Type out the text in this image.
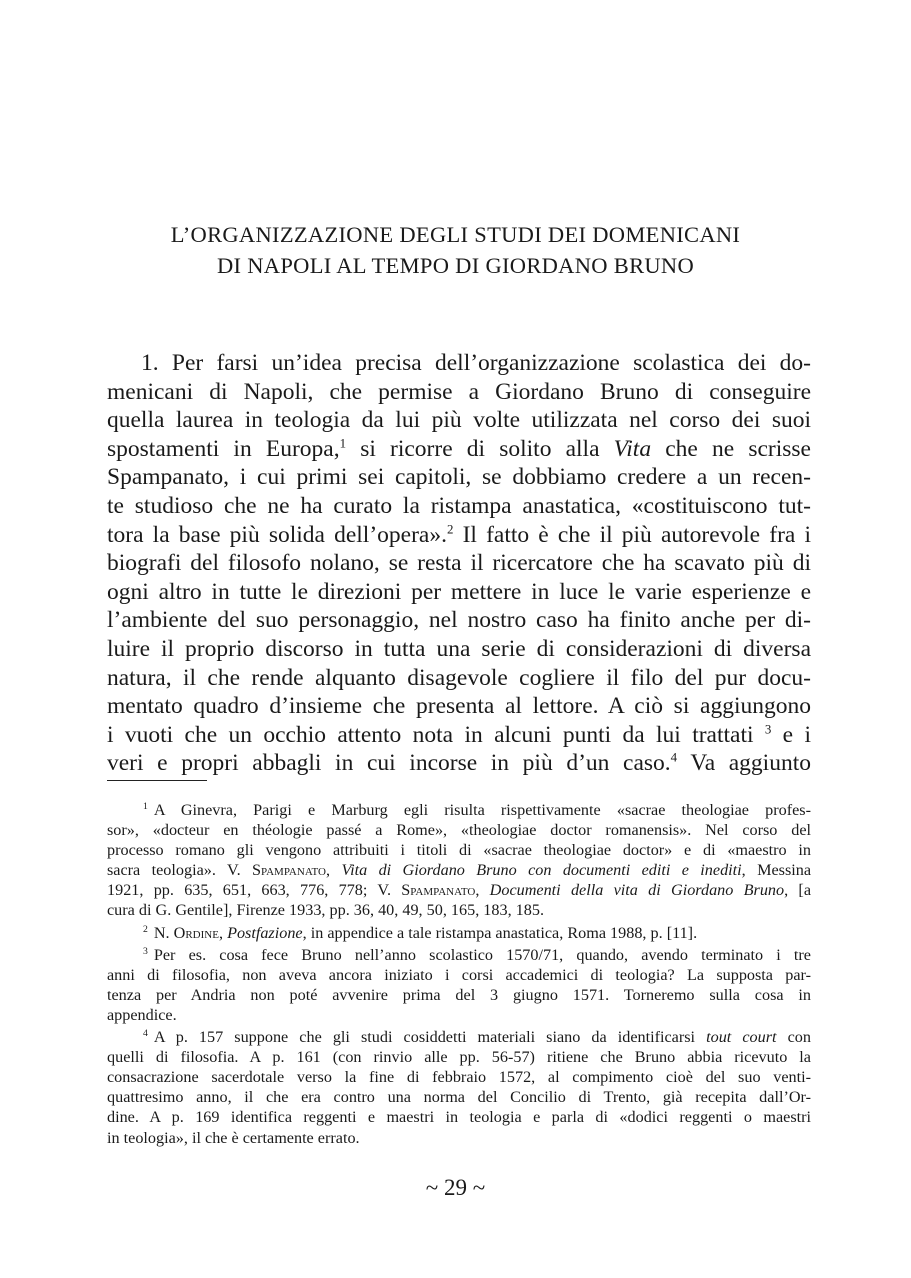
L’ORGANIZZAZIONE DEGLI STUDI DEI DOMENICANI
DI NAPOLI AL TEMPO DI GIORDANO BRUNO
1. Per farsi un’idea precisa dell’organizzazione scolastica dei do-
menicani di Napoli, che permise a Giordano Bruno di conseguire
quella laurea in teologia da lui più volte utilizzata nel corso dei suoi
spostamenti in Europa,$^1$ si ricorre di solito alla Vita che ne scrisse
Spampanato, i cui primi sei capitoli, se dobbiamo credere a un recen-
te studioso che ne ha curato la ristampa anastatica, «costituiscono tut-
tora la base più solida dell’opera».$^2$ Il fatto è che il più autorevole fra i
biografi del filosofo nolano, se resta il ricercatore che ha scavato più di
ogni altro in tutte le direzioni per mettere in luce le varie esperienze e
l’ambiente del suo personaggio, nel nostro caso ha finito anche per di-
luire il proprio discorso in tutta una serie di considerazioni di diversa
natura, il che rende alquanto disagevole cogliere il filo del pur docu-
mentato quadro d’insieme che presenta al lettore. A ciò si aggiungono
i vuoti che un occhio attento nota in alcuni punti da lui trattati $^3$ e i
veri e propri abbagli in cui incorse in più d’un caso.$^4$ Va aggiunto
$^1$ A Ginevra, Parigi e Marburg egli risulta rispettivamente «sacrae theologiae profes-
sor», «docteur en théologie passé a Rome», «theologiae doctor romanensis». Nel corso del
processo romano gli vengono attribuiti i titoli di «sacrae theologiae doctor» e di «maestro in
sacra teologia». V. Spampanato, Vita di Giordano Bruno con documenti editi e inediti, Messina
1921, pp. 635, 651, 663, 776, 778; V. Spampanato, Documenti della vita di Giordano Bruno, [a
cura di G. Gentile], Firenze 1933, pp. 36, 40, 49, 50, 165, 183, 185.
$^2$ N. Ordine, Postfazione, in appendice a tale ristampa anastatica, Roma 1988, p. [11].
$^3$ Per es. cosa fece Bruno nell’anno scolastico 1570/71, quando, avendo terminato i tre
anni di filosofia, non aveva ancora iniziato i corsi accademici di teologia? La supposta par-
tenza per Andria non poté avvenire prima del 3 giugno 1571. Torneremo sulla cosa in
appendice.
$^4$ A p. 157 suppone che gli studi cosiddetti materiali siano da identificarsi tout court con
quelli di filosofia. A p. 161 (con rinvio alle pp. 56-57) ritiene che Bruno abbia ricevuto la
consacrazione sacerdotale verso la fine di febbraio 1572, al compimento cioè del suo venti-
quattresimo anno, il che era contro una norma del Concilio di Trento, già recepita dall’Or-
dine. A p. 169 identifica reggenti e maestri in teologia e parla di «dodici reggenti o maestri
in teologia», il che è certamente errato.
~ 29 ~
